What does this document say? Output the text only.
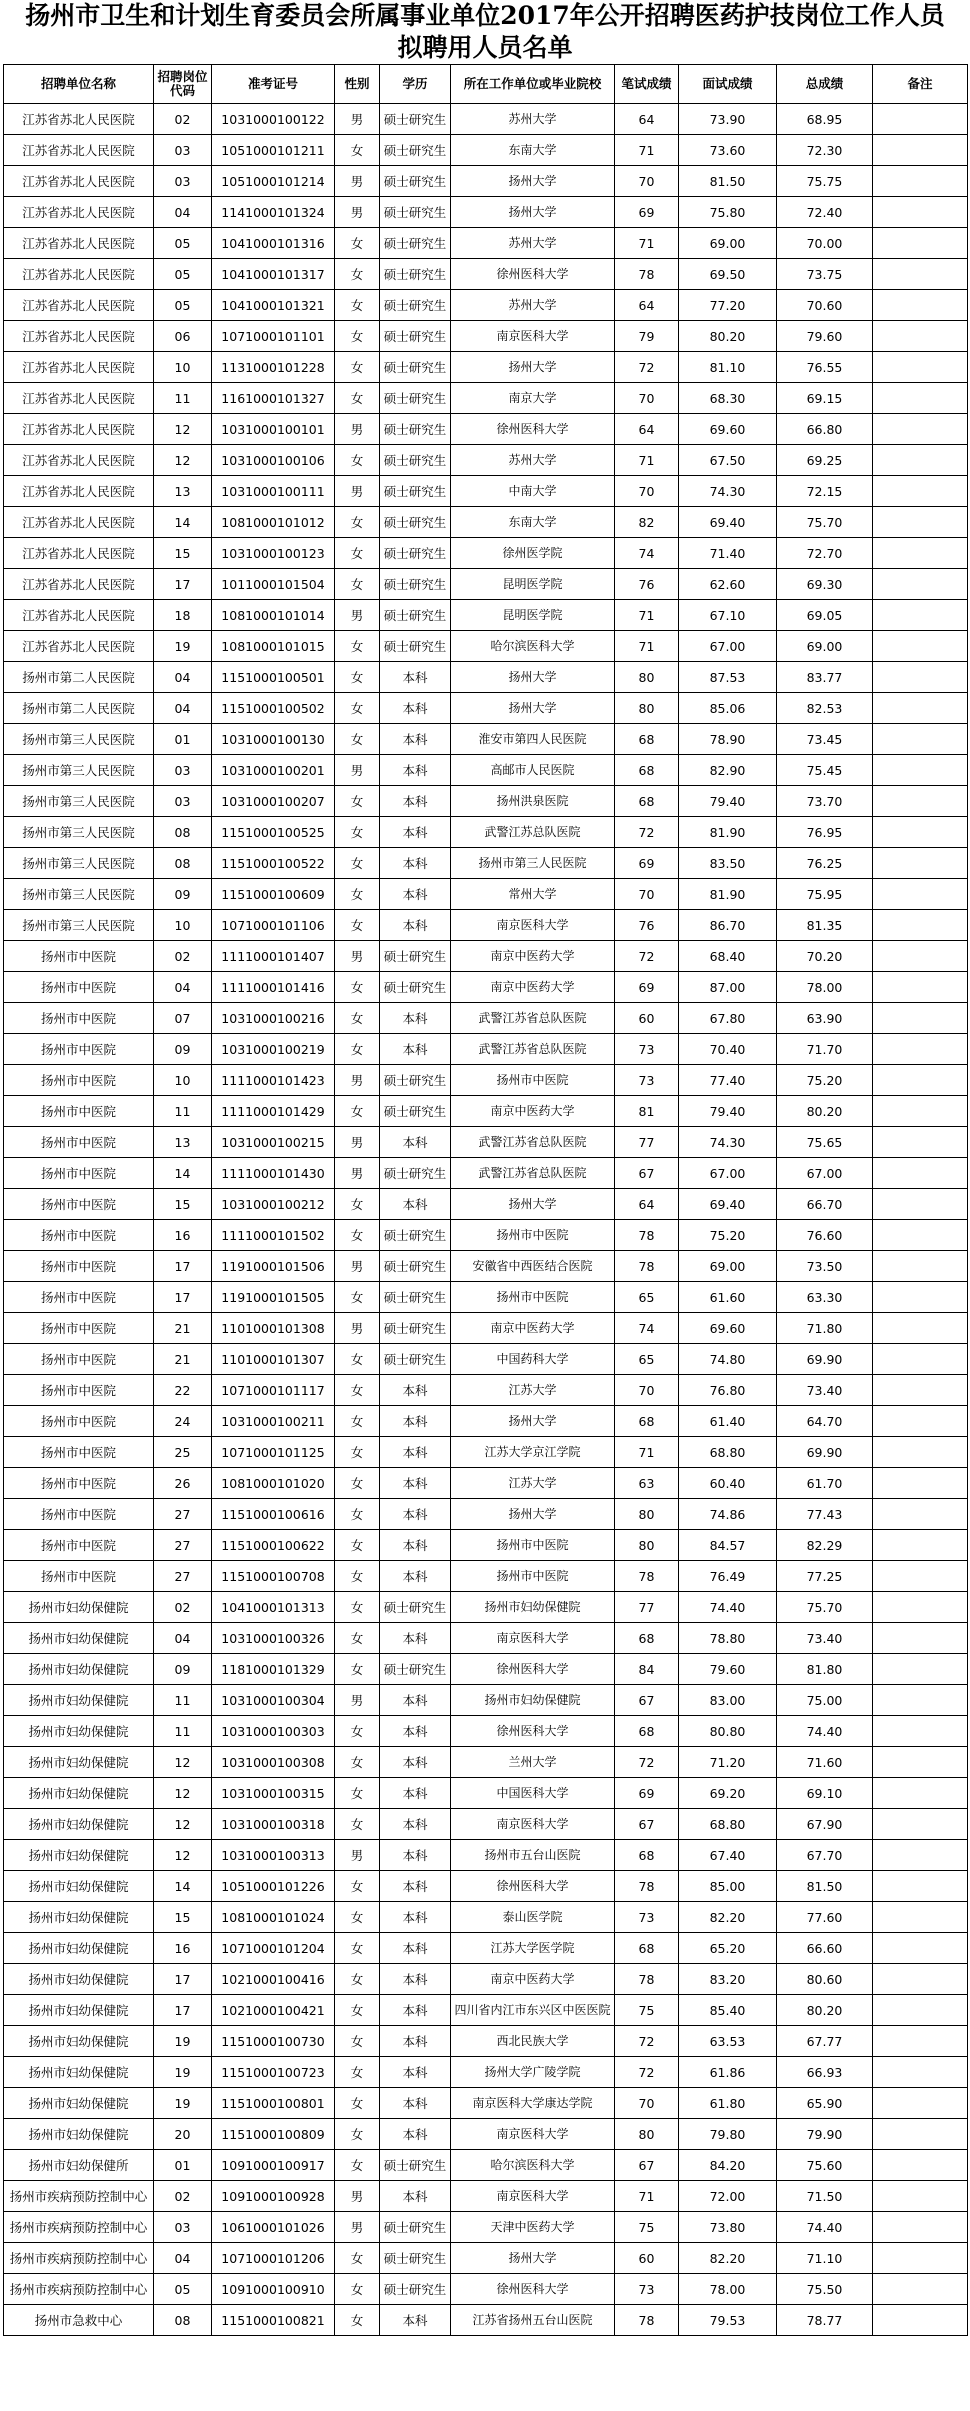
扬州市卫生和计划生育委员会所属事业单位2017年公开招聘医药护技岗位工作人员
拟聘用人员名单
招聘单位名称	招聘岗位代码	准考证号	性别	学历	所在工作单位或毕业院校	笔试成绩	面试成绩	总成绩	备注
江苏省苏北人民医院	02	1031000100122	男	硕士研究生	苏州大学	64	73.90	68.95	
江苏省苏北人民医院	03	1051000101211	女	硕士研究生	东南大学	71	73.60	72.30	
江苏省苏北人民医院	03	1051000101214	男	硕士研究生	扬州大学	70	81.50	75.75	
江苏省苏北人民医院	04	1141000101324	男	硕士研究生	扬州大学	69	75.80	72.40	
江苏省苏北人民医院	05	1041000101316	女	硕士研究生	苏州大学	71	69.00	70.00	
江苏省苏北人民医院	05	1041000101317	女	硕士研究生	徐州医科大学	78	69.50	73.75	
江苏省苏北人民医院	05	1041000101321	女	硕士研究生	苏州大学	64	77.20	70.60	
江苏省苏北人民医院	06	1071000101101	女	硕士研究生	南京医科大学	79	80.20	79.60	
江苏省苏北人民医院	10	1131000101228	女	硕士研究生	扬州大学	72	81.10	76.55	
江苏省苏北人民医院	11	1161000101327	女	硕士研究生	南京大学	70	68.30	69.15	
江苏省苏北人民医院	12	1031000100101	男	硕士研究生	徐州医科大学	64	69.60	66.80	
江苏省苏北人民医院	12	1031000100106	女	硕士研究生	苏州大学	71	67.50	69.25	
江苏省苏北人民医院	13	1031000100111	男	硕士研究生	中南大学	70	74.30	72.15	
江苏省苏北人民医院	14	1081000101012	女	硕士研究生	东南大学	82	69.40	75.70	
江苏省苏北人民医院	15	1031000100123	女	硕士研究生	徐州医学院	74	71.40	72.70	
江苏省苏北人民医院	17	1011000101504	女	硕士研究生	昆明医学院	76	62.60	69.30	
江苏省苏北人民医院	18	1081000101014	男	硕士研究生	昆明医学院	71	67.10	69.05	
江苏省苏北人民医院	19	1081000101015	女	硕士研究生	哈尔滨医科大学	71	67.00	69.00	
扬州市第二人民医院	04	1151000100501	女	本科	扬州大学	80	87.53	83.77	
扬州市第二人民医院	04	1151000100502	女	本科	扬州大学	80	85.06	82.53	
扬州市第三人民医院	01	1031000100130	女	本科	淮安市第四人民医院	68	78.90	73.45	
扬州市第三人民医院	03	1031000100201	男	本科	高邮市人民医院	68	82.90	75.45	
扬州市第三人民医院	03	1031000100207	女	本科	扬州洪泉医院	68	79.40	73.70	
扬州市第三人民医院	08	1151000100525	女	本科	武警江苏总队医院	72	81.90	76.95	
扬州市第三人民医院	08	1151000100522	女	本科	扬州市第三人民医院	69	83.50	76.25	
扬州市第三人民医院	09	1151000100609	女	本科	常州大学	70	81.90	75.95	
扬州市第三人民医院	10	1071000101106	女	本科	南京医科大学	76	86.70	81.35	
扬州市中医院	02	1111000101407	男	硕士研究生	南京中医药大学	72	68.40	70.20	
扬州市中医院	04	1111000101416	女	硕士研究生	南京中医药大学	69	87.00	78.00	
扬州市中医院	07	1031000100216	女	本科	武警江苏省总队医院	60	67.80	63.90	
扬州市中医院	09	1031000100219	女	本科	武警江苏省总队医院	73	70.40	71.70	
扬州市中医院	10	1111000101423	男	硕士研究生	扬州市中医院	73	77.40	75.20	
扬州市中医院	11	1111000101429	女	硕士研究生	南京中医药大学	81	79.40	80.20	
扬州市中医院	13	1031000100215	男	本科	武警江苏省总队医院	77	74.30	75.65	
扬州市中医院	14	1111000101430	男	硕士研究生	武警江苏省总队医院	67	67.00	67.00	
扬州市中医院	15	1031000100212	女	本科	扬州大学	64	69.40	66.70	
扬州市中医院	16	1111000101502	女	硕士研究生	扬州市中医院	78	75.20	76.60	
扬州市中医院	17	1191000101506	男	硕士研究生	安徽省中西医结合医院	78	69.00	73.50	
扬州市中医院	17	1191000101505	女	硕士研究生	扬州市中医院	65	61.60	63.30	
扬州市中医院	21	1101000101308	男	硕士研究生	南京中医药大学	74	69.60	71.80	
扬州市中医院	21	1101000101307	女	硕士研究生	中国药科大学	65	74.80	69.90	
扬州市中医院	22	1071000101117	女	本科	江苏大学	70	76.80	73.40	
扬州市中医院	24	1031000100211	女	本科	扬州大学	68	61.40	64.70	
扬州市中医院	25	1071000101125	女	本科	江苏大学京江学院	71	68.80	69.90	
扬州市中医院	26	1081000101020	女	本科	江苏大学	63	60.40	61.70	
扬州市中医院	27	1151000100616	女	本科	扬州大学	80	74.86	77.43	
扬州市中医院	27	1151000100622	女	本科	扬州市中医院	80	84.57	82.29	
扬州市中医院	27	1151000100708	女	本科	扬州市中医院	78	76.49	77.25	
扬州市妇幼保健院	02	1041000101313	女	硕士研究生	扬州市妇幼保健院	77	74.40	75.70	
扬州市妇幼保健院	04	1031000100326	女	本科	南京医科大学	68	78.80	73.40	
扬州市妇幼保健院	09	1181000101329	女	硕士研究生	徐州医科大学	84	79.60	81.80	
扬州市妇幼保健院	11	1031000100304	男	本科	扬州市妇幼保健院	67	83.00	75.00	
扬州市妇幼保健院	11	1031000100303	女	本科	徐州医科大学	68	80.80	74.40	
扬州市妇幼保健院	12	1031000100308	女	本科	兰州大学	72	71.20	71.60	
扬州市妇幼保健院	12	1031000100315	女	本科	中国医科大学	69	69.20	69.10	
扬州市妇幼保健院	12	1031000100318	女	本科	南京医科大学	67	68.80	67.90	
扬州市妇幼保健院	12	1031000100313	男	本科	扬州市五台山医院	68	67.40	67.70	
扬州市妇幼保健院	14	1051000101226	女	本科	徐州医科大学	78	85.00	81.50	
扬州市妇幼保健院	15	1081000101024	女	本科	泰山医学院	73	82.20	77.60	
扬州市妇幼保健院	16	1071000101204	女	本科	江苏大学医学院	68	65.20	66.60	
扬州市妇幼保健院	17	1021000100416	女	本科	南京中医药大学	78	83.20	80.60	
扬州市妇幼保健院	17	1021000100421	女	本科	四川省内江市东兴区中医医院	75	85.40	80.20	
扬州市妇幼保健院	19	1151000100730	女	本科	西北民族大学	72	63.53	67.77	
扬州市妇幼保健院	19	1151000100723	女	本科	扬州大学广陵学院	72	61.86	66.93	
扬州市妇幼保健院	19	1151000100801	女	本科	南京医科大学康达学院	70	61.80	65.90	
扬州市妇幼保健院	20	1151000100809	女	本科	南京医科大学	80	79.80	79.90	
扬州市妇幼保健所	01	1091000100917	女	硕士研究生	哈尔滨医科大学	67	84.20	75.60	
扬州市疾病预防控制中心	02	1091000100928	男	本科	南京医科大学	71	72.00	71.50	
扬州市疾病预防控制中心	03	1061000101026	男	硕士研究生	天津中医药大学	75	73.80	74.40	
扬州市疾病预防控制中心	04	1071000101206	女	硕士研究生	扬州大学	60	82.20	71.10	
扬州市疾病预防控制中心	05	1091000100910	女	硕士研究生	徐州医科大学	73	78.00	75.50	
扬州市急救中心	08	1151000100821	女	本科	江苏省扬州五台山医院	78	79.53	78.77	
